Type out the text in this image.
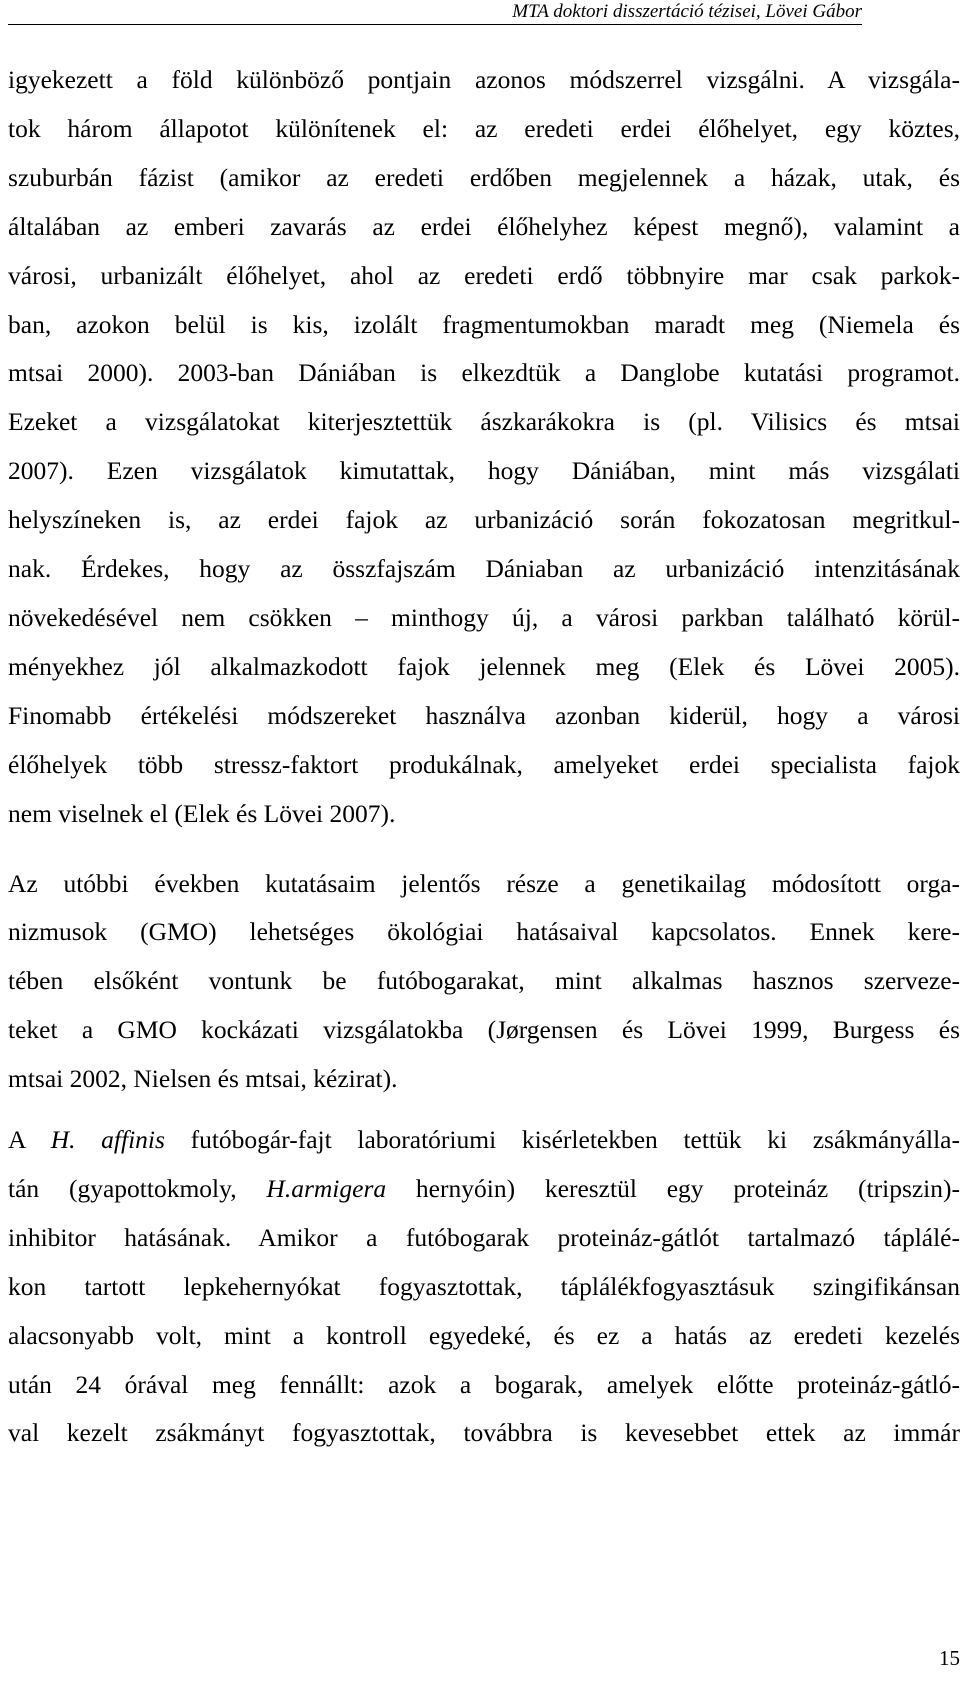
MTA doktori disszertáció tézisei, Lövei Gábor
igyekezett a föld különböző pontjain azonos módszerrel vizsgálni. A vizsgála-
tok három állapotot különítenek el: az eredeti erdei élőhelyet, egy köztes,
szuburbán fázist (amikor az eredeti erdőben megjelennek a házak, utak, és
általában az emberi zavarás az erdei élőhelyhez képest megnő), valamint a
városi, urbanizált élőhelyet, ahol az eredeti erdő többnyire mar csak parkok-
ban, azokon belül is kis, izolált fragmentumokban maradt meg (Niemela és
mtsai 2000). 2003-ban Dániában is elkezdtük a Danglobe kutatási programot.
Ezeket a vizsgálatokat kiterjesztettük ászkarákokra is (pl. Vilisics és mtsai
2007). Ezen vizsgálatok kimutattak, hogy Dániában, mint más vizsgálati
helyszíneken is, az erdei fajok az urbanizáció során fokozatosan megritkul-
nak. Érdekes, hogy az összfajszám Dániaban az urbanizáció intenzitásának
növekedésével nem csökken – minthogy új, a városi parkban található körül-
ményekhez jól alkalmazkodott fajok jelennek meg (Elek és Lövei 2005).
Finomabb értékelési módszereket használva azonban kiderül, hogy a városi
élőhelyek több stressz-faktort produkálnak, amelyeket erdei specialista fajok
nem viselnek el (Elek és Lövei 2007).
Az utóbbi években kutatásaim jelentős része a genetikailag módosított orga-
nizmusok (GMO) lehetséges ökológiai hatásaival kapcsolatos. Ennek kere-
tében elsőként vontunk be futóbogarakat, mint alkalmas hasznos szerveze-
teket a GMO kockázati vizsgálatokba (Jørgensen és Lövei 1999, Burgess és
mtsai 2002, Nielsen és mtsai, kézirat).
A H. affinis futóbogár-fajt laboratóriumi kisérletekben tettük ki zsákmányálla-
tán (gyapottokmoly, H.armigera hernyóin) keresztül egy proteináz (tripszin)-
inhibitor hatásának. Amikor a futóbogarak proteináz-gátlót tartalmazó táplálé-
kon tartott lepkehernyókat fogyasztottak, táplálékfogyasztásuk szingifikánsan
alacsonyabb volt, mint a kontroll egyedeké, és ez a hatás az eredeti kezelés
után 24 órával meg fennállt: azok a bogarak, amelyek előtte proteináz-gátló-
val kezelt zsákmányt fogyasztottak, továbbra is kevesebbet ettek az immár
15
